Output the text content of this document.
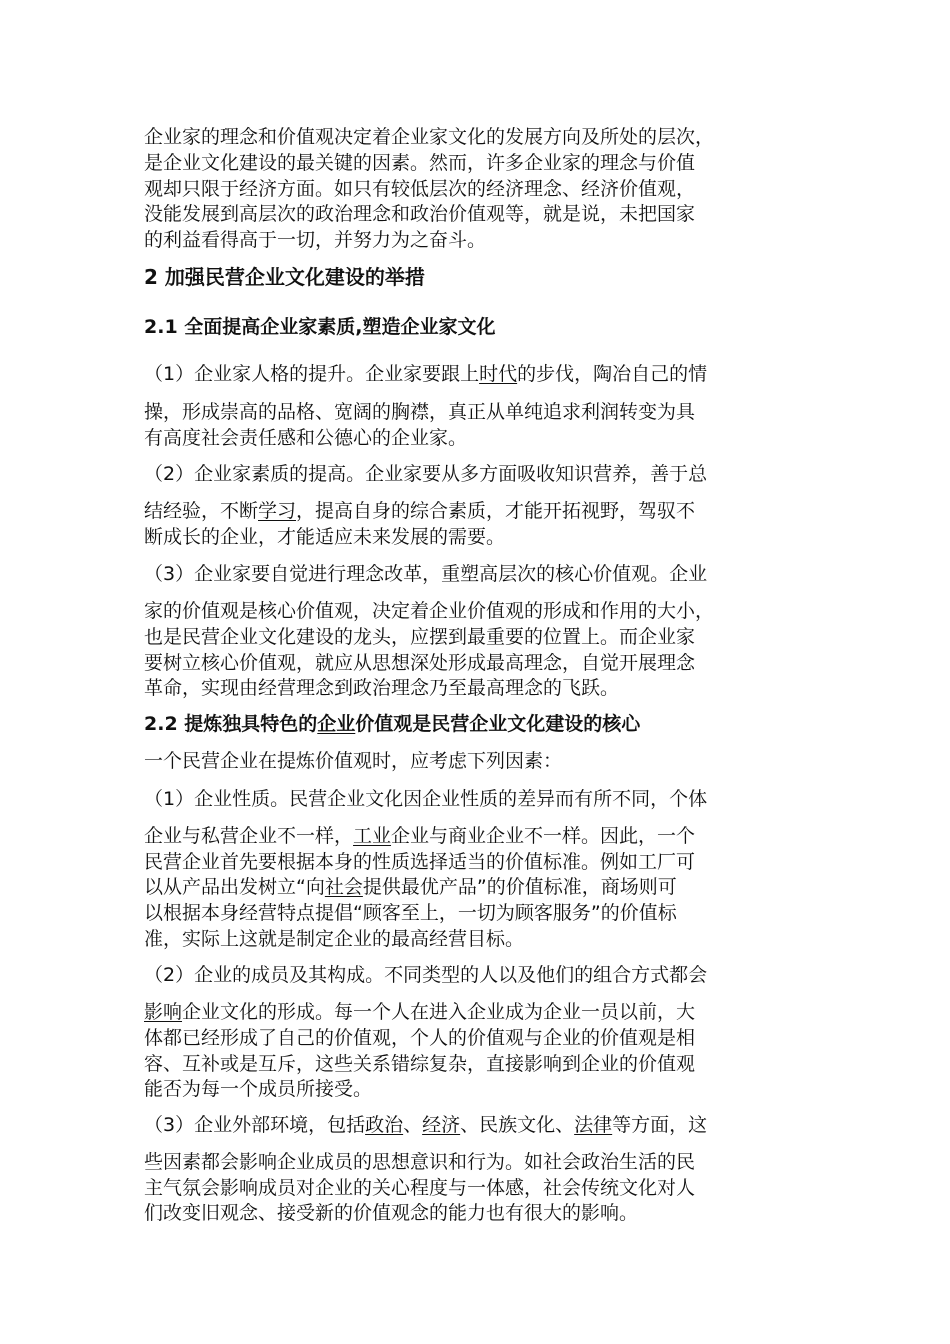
企业家的理念和价值观决定着企业家文化的发展方向及所处的层次，
是企业文化建设的最关键的因素。然而，许多企业家的理念与价值
观却只限于经济方面。如只有较低层次的经济理念、经济价值观，
没能发展到高层次的政治理念和政治价值观等，就是说，未把国家
的利益看得高于一切，并努力为之奋斗。
2 加强民营企业文化建设的举措
2.1 全面提高企业家素质,塑造企业家文化
（1）企业家人格的提升。企业家要跟上时代的步伐，陶冶自己的情
操，形成崇高的品格、宽阔的胸襟，真正从单纯追求利润转变为具
有高度社会责任感和公德心的企业家。
（2）企业家素质的提高。企业家要从多方面吸收知识营养，善于总
结经验，不断学习，提高自身的综合素质，才能开拓视野，驾驭不
断成长的企业，才能适应未来发展的需要。
（3）企业家要自觉进行理念改革，重塑高层次的核心价值观。企业
家的价值观是核心价值观，决定着企业价值观的形成和作用的大小，
也是民营企业文化建设的龙头，应摆到最重要的位置上。而企业家
要树立核心价值观，就应从思想深处形成最高理念，自觉开展理念
革命，实现由经营理念到政治理念乃至最高理念的飞跃。
2.2 提炼独具特色的企业价值观是民营企业文化建设的核心
一个民营企业在提炼价值观时，应考虑下列因素：
（1）企业性质。民营企业文化因企业性质的差异而有所不同，个体
企业与私营企业不一样，工业企业与商业企业不一样。因此，一个
民营企业首先要根据本身的性质选择适当的价值标准。例如工厂可
以从产品出发树立“向社会提供最优产品”的价值标准，商场则可
以根据本身经营特点提倡“顾客至上，一切为顾客服务”的价值标
准，实际上这就是制定企业的最高经营目标。
（2）企业的成员及其构成。不同类型的人以及他们的组合方式都会
影响企业文化的形成。每一个人在进入企业成为企业一员以前，大
体都已经形成了自己的价值观，个人的价值观与企业的价值观是相
容、互补或是互斥，这些关系错综复杂，直接影响到企业的价值观
能否为每一个成员所接受。
（3）企业外部环境，包括政治、经济、民族文化、法律等方面，这
些因素都会影响企业成员的思想意识和行为。如社会政治生活的民
主气氛会影响成员对企业的关心程度与一体感，社会传统文化对人
们改变旧观念、接受新的价值观念的能力也有很大的影响。
